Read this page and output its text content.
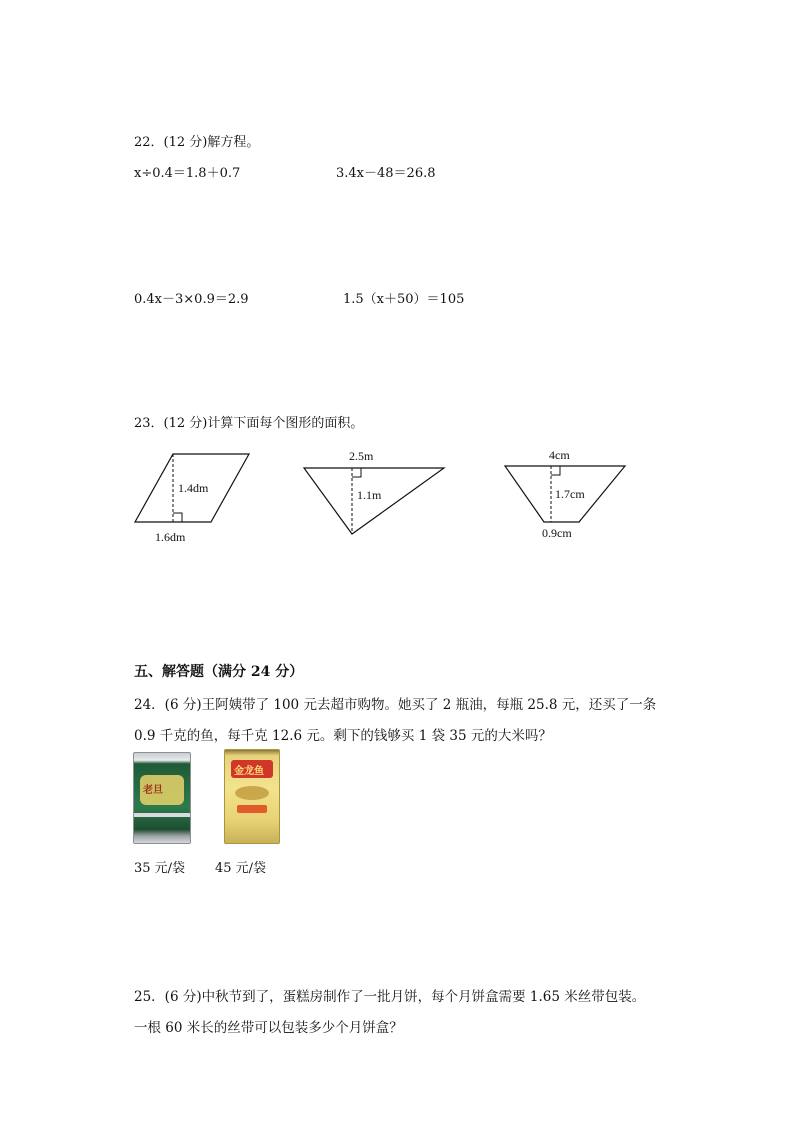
22．(12 分)解方程。
x÷0.4＝1.8＋0.7	3.4x－48＝26.8
0.4x－3×0.9＝2.9	1.5（x＋50）＝105
23．(12 分)计算下面每个图形的面积。
1.4dm
1.6dm
2.5m
1.1m
4cm
1.7cm
0.9cm
五、解答题（满分 24 分）
24．(6 分)王阿姨带了 100 元去超市购物。她买了 2 瓶油，每瓶 25.8 元，还买了一条
0.9 千克的鱼，每千克 12.6 元。剩下的钱够买 1 袋 35 元的大米吗？
老旦
金龙鱼
35 元/袋 45 元/袋
25．(6 分)中秋节到了，蛋糕房制作了一批月饼，每个月饼盒需要 1.65 米丝带包装。
一根 60 米长的丝带可以包装多少个月饼盒？
